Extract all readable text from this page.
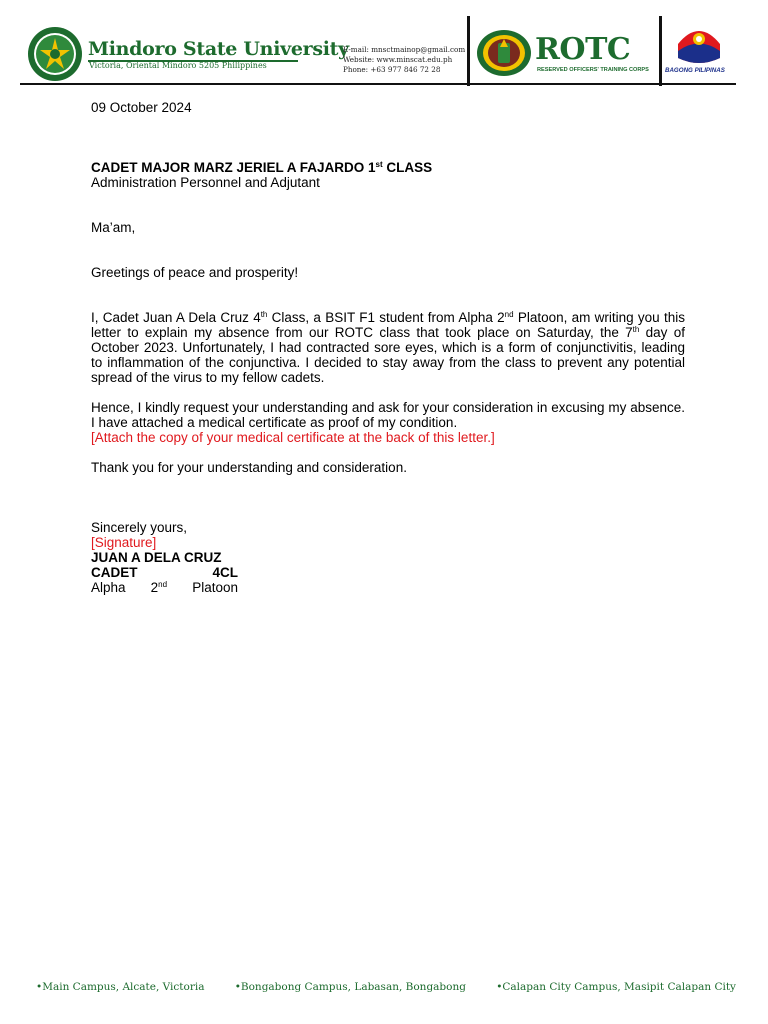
Mindoro State University

Victoria, Oriental Mindoro 5205 Philippines

E-mail: mnsctmainop@gmail.com
Website: www.minscat.edu.ph
Phone: +63 977 846 72 28
ROTC
RESERVED OFFICERS' TRAINING CORPS	BAGONG PILIPINAS

09 October 2024

CADET MAJOR MARZ JERIEL A FAJARDO 1st CLASS

Administration Personnel and Adjutant

Ma’am,

Greetings of peace and prosperity!

I, Cadet Juan A Dela Cruz 4th Class, a BSIT F1 student from Alpha 2nd Platoon, am writing you this letter to explain my absence from our ROTC class that took place on Saturday, the 7th day of October 2023. Unfortunately, I had contracted sore eyes, which is a form of conjunctivitis, leading to inflammation of the conjunctiva. I decided to stay away from the class to prevent any potential spread of the virus to my fellow cadets.

Hence, I kindly request your understanding and ask for your consideration in excusing my absence. I have attached a medical certificate as proof of my condition.

[Attach the copy of your medical certificate at the back of this letter.]

Thank you for your understanding and consideration.

Sincerely yours,

[Signature]

JUAN A DELA CRUZ

CADET	4CL
Alpha 2nd Platoon
•Main Campus, Alcate, Victoria	•Bongabong Campus, Labasan, Bongabong	•Calapan City Campus, Masipit Calapan City
